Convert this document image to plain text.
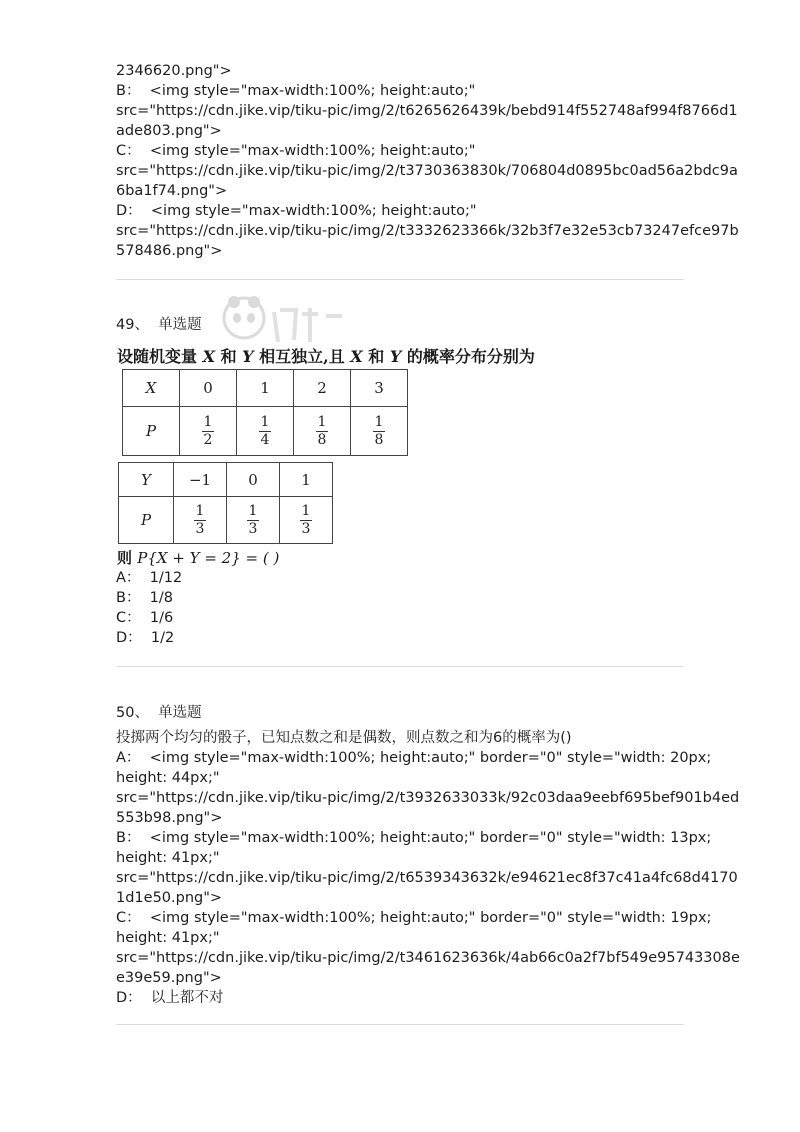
2346620.png">
B： <img style="max-width:100%; height:auto;"
src="https://cdn.jike.vip/tiku-pic/img/2/t6265626439k/bebd914f552748af994f8766d1
ade803.png">
C： <img style="max-width:100%; height:auto;"
src="https://cdn.jike.vip/tiku-pic/img/2/t3730363830k/706804d0895bc0ad56a2bdc9a
6ba1f74.png">
D： <img style="max-width:100%; height:auto;"
src="https://cdn.jike.vip/tiku-pic/img/2/t3332623366k/32b3f7e32e53cb73247efce97b
578486.png">
49、 单选题
设随机变量 X 和 Y 相互独立,且 X 和 Y 的概率分布分别为
X	0	1	2	3
P	$\frac{1}{2}$	$\frac{1}{4}$	$\frac{1}{8}$	$\frac{1}{8}$
Y	−1	0	1
P	$\frac{1}{3}$	$\frac{1}{3}$	$\frac{1}{3}$
则 P{X + Y = 2} = ( )
A： 1/12
B： 1/8
C： 1/6
D： 1/2
50、 单选题
投掷两个均匀的骰子，已知点数之和是偶数，则点数之和为6的概率为()
A： <img style="max-width:100%; height:auto;" border="0" style="width: 20px;
height: 44px;"
src="https://cdn.jike.vip/tiku-pic/img/2/t3932633033k/92c03daa9eebf695bef901b4ed
553b98.png">
B： <img style="max-width:100%; height:auto;" border="0" style="width: 13px;
height: 41px;"
src="https://cdn.jike.vip/tiku-pic/img/2/t6539343632k/e94621ec8f37c41a4fc68d4170
1d1e50.png">
C： <img style="max-width:100%; height:auto;" border="0" style="width: 19px;
height: 41px;"
src="https://cdn.jike.vip/tiku-pic/img/2/t3461623636k/4ab66c0a2f7bf549e95743308e
e39e59.png">
D： 以上都不对
